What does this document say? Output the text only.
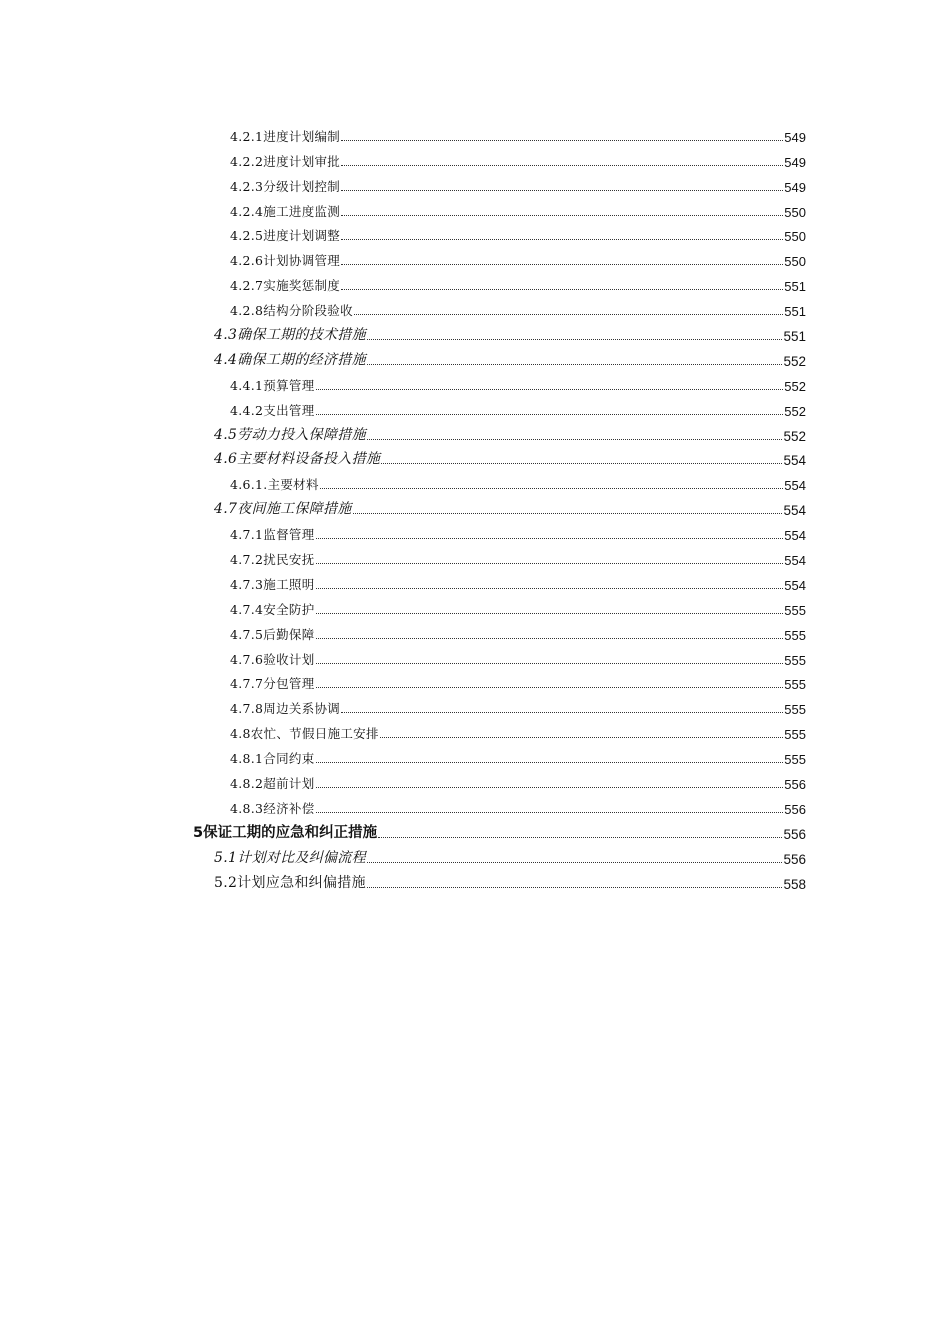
4.2.1进度计划编制	549
4.2.2进度计划审批	549
4.2.3分级计划控制	549
4.2.4施工进度监测	550
4.2.5进度计划调整	550
4.2.6计划协调管理	550
4.2.7实施奖惩制度	551
4.2.8结构分阶段验收	551
4.3确保工期的技术措施	551
4.4确保工期的经济措施	552
4.4.1预算管理	552
4.4.2支出管理	552
4.5劳动力投入保障措施	552
4.6主要材料设备投入措施	554
4.6.1.主要材料	554
4.7夜间施工保障措施	554
4.7.1监督管理	554
4.7.2扰民安抚	554
4.7.3施工照明	554
4.7.4安全防护	555
4.7.5后勤保障	555
4.7.6验收计划	555
4.7.7分包管理	555
4.7.8周边关系协调	555
4.8农忙、节假日施工安排	555
4.8.1合同约束	555
4.8.2超前计划	556
4.8.3经济补偿	556
5保证工期的应急和纠正措施	556
5.1计划对比及纠偏流程	556
5.2计划应急和纠偏措施	558
